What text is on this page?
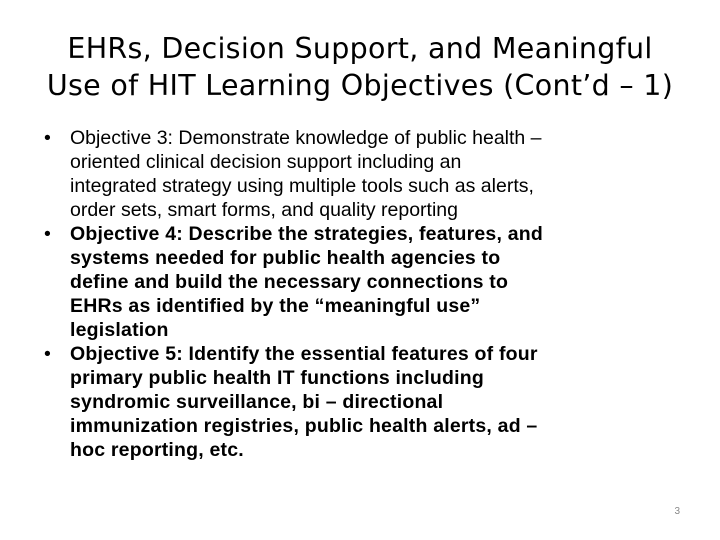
EHRs, Decision Support, and Meaningful
Use of HIT Learning Objectives (Cont’d – 1)
• Objective 3: Demonstrate knowledge of public health –
oriented clinical decision support including an
integrated strategy using multiple tools such as alerts,
order sets, smart forms, and quality reporting
• Objective 4: Describe the strategies, features, and
systems needed for public health agencies to
define and build the necessary connections to
EHRs as identified by the “meaningful use”
legislation
• Objective 5: Identify the essential features of four
primary public health IT functions including
syndromic surveillance, bi – directional
immunization registries, public health alerts, ad –
hoc reporting, etc.
3
